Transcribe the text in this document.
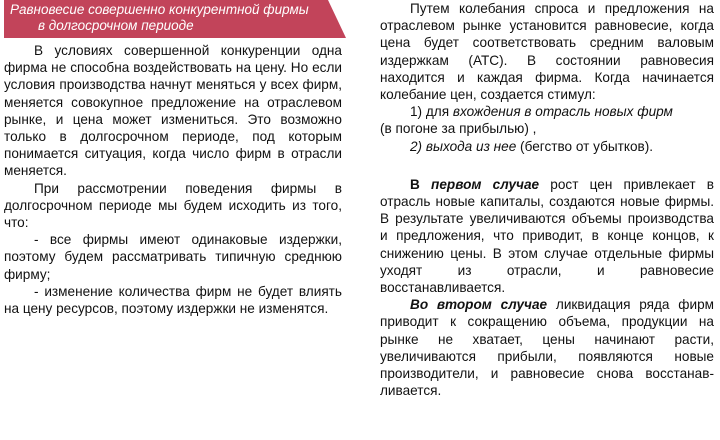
Равновесие совершенно конкурентной фирмы
в долгосрочном периоде

В условиях совершенной конкуренции одна фирма не способна воздействовать на цену. Но если условия производства начнут меняться у всех фирм, меняется совокупное предложение на отраслевом рынке, и цена может измениться. Это возможно только в долгосрочном периоде, под которым понимается ситуация, когда число фирм в отрасли меняется.

При рассмотрении поведения фирмы в долгосрочном периоде мы будем исходить из того, что:

- все фирмы имеют одинаковые издержки, поэтому будем рассматривать типичную среднюю фирму;

- изменение количества фирм не будет влиять на цену ресурсов, поэтому издержки не изменятся.

Путем колебания спроса и предложения на отраслевом рынке установится равновесие, когда цена будет соответствовать средним валовым издержкам (АТС). В состоянии равновесия находится и каждая фирма. Когда начинается колебание цен, создается стимул:

1) для вхождения в отрасль новых фирм

(в погоне за прибылью) ,

2) выхода из нее (бегство от убытков).

В первом случае рост цен привлекает в отрасль новые капиталы, создаются новые фирмы. В результате увеличиваются объемы производства и предложения, что приводит, в конце концов, к снижению цены. В этом случае отдельные фирмы уходят из отрасли, и равновесие восстанавливается.

Во втором случае ликвидация ряда фирм приводит к сокращению объема, продукции на рынке не хватает, цены начинают расти, увеличиваются прибыли, появляются новые производители, и равновесие снова восстанав-ливается.
